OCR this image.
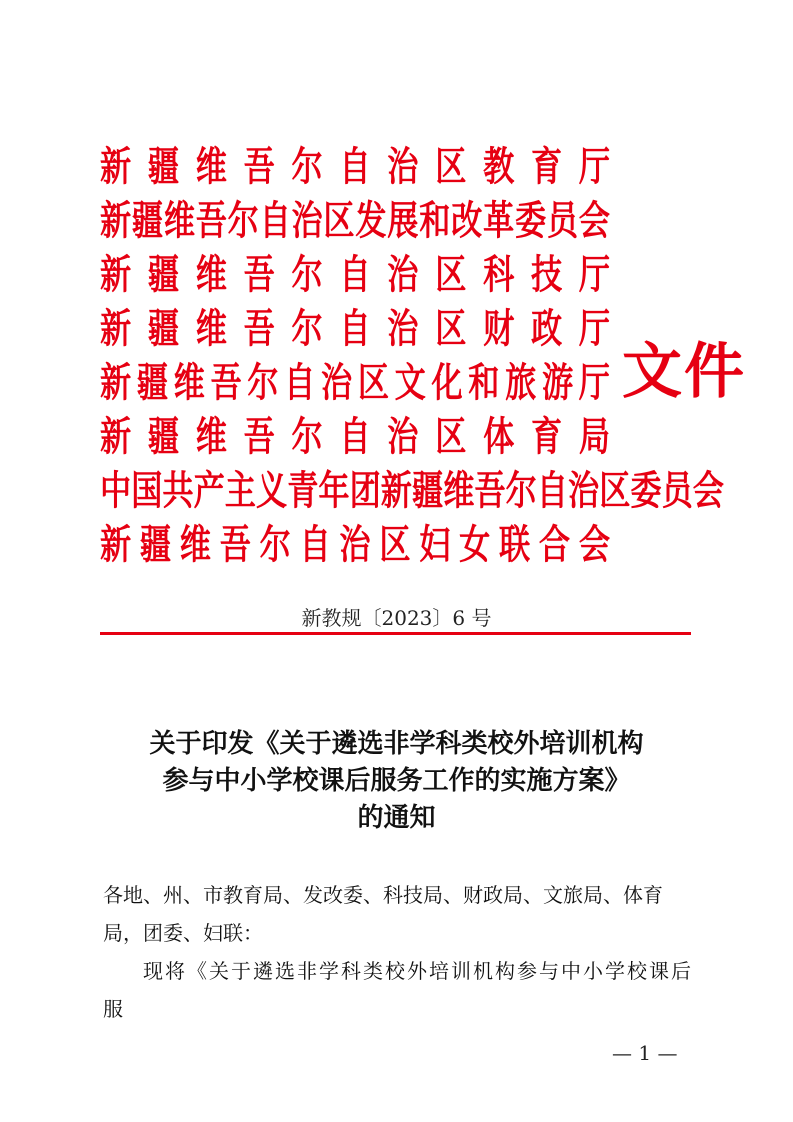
新 疆 维 吾 尔 自 治 区 教 育 厅
新 疆 维 吾 尔 自 治 区 发 展 和 改 革 委 员 会
新 疆 维 吾 尔 自 治 区 科 技 厅
新 疆 维 吾 尔 自 治 区 财 政 厅
新 疆 维 吾 尔 自 治 区 文 化 和 旅 游 厅
新 疆 维 吾 尔 自 治 区 体 育 局
中 国 共 产 主 义 青 年 团 新 疆 维 吾 尔 自 治 区 委 员 会
新 疆 维 吾 尔 自 治 区 妇 女 联 合 会
文件
新教规〔2023〕6 号
关于印发《关于遴选非学科类校外培训机构
参与中小学校课后服务工作的实施方案》
的通知

各地、州、市教育局、发改委、科技局、财政局、文旅局、体育局，团委、妇联：

现将《关于遴选非学科类校外培训机构参与中小学校课后服

— 1 —
